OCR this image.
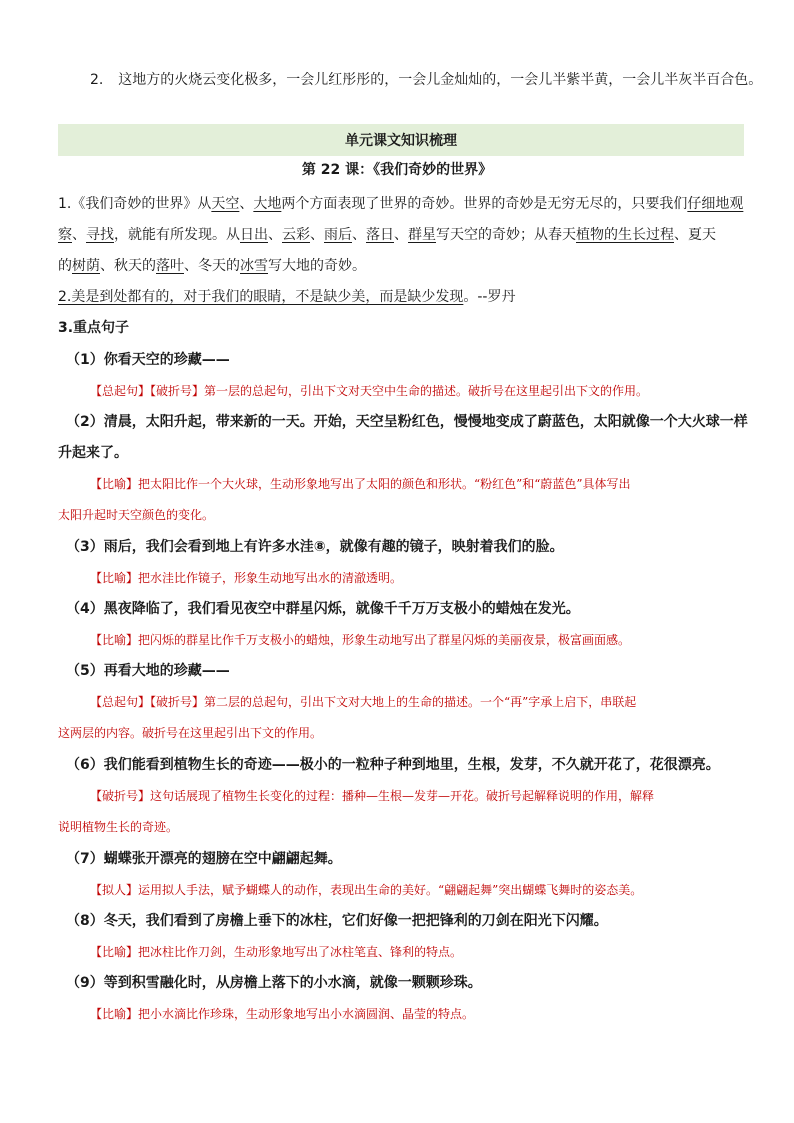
2. 这地方的火烧云变化极多，一会儿红彤彤的，一会儿金灿灿的，一会儿半紫半黄，一会儿半灰半百合色。
单元课文知识梳理
第 22 课：《我们奇妙的世界》
1.《我们奇妙的世界》从天空、大地两个方面表现了世界的奇妙。世界的奇妙是无穷无尽的，只要我们仔细地观
察、寻找，就能有所发现。从日出、云彩、雨后、落日、群星写天空的奇妙；从春天植物的生长过程、夏天
的树荫、秋天的落叶、冬天的冰雪写大地的奇妙。
2.美是到处都有的，对于我们的眼睛，不是缺少美，而是缺少发现。--罗丹
3.重点句子
（1）你看天空的珍藏——
【总起句】【破折号】第一层的总起句，引出下文对天空中生命的描述。破折号在这里起引出下文的作用。
（2）清晨，太阳升起，带来新的一天。开始，天空呈粉红色，慢慢地变成了蔚蓝色，太阳就像一个大火球一样
升起来了。
【比喻】把太阳比作一个大火球，生动形象地写出了太阳的颜色和形状。“粉红色”和“蔚蓝色”具体写出
太阳升起时天空颜色的变化。
（3）雨后，我们会看到地上有许多水洼⑧，就像有趣的镜子，映射着我们的脸。
【比喻】把水洼比作镜子，形象生动地写出水的清澈透明。
（4）黑夜降临了，我们看见夜空中群星闪烁，就像千千万万支极小的蜡烛在发光。
【比喻】把闪烁的群星比作千万支极小的蜡烛，形象生动地写出了群星闪烁的美丽夜景，极富画面感。
（5）再看大地的珍藏——
【总起句】【破折号】第二层的总起句，引出下文对大地上的生命的描述。一个“再”字承上启下，串联起
这两层的内容。破折号在这里起引出下文的作用。
（6）我们能看到植物生长的奇迹——极小的一粒种子种到地里，生根，发芽，不久就开花了，花很漂亮。
【破折号】这句话展现了植物生长变化的过程：播种—生根—发芽—开花。破折号起解释说明的作用，解释
说明植物生长的奇迹。
（7）蝴蝶张开漂亮的翅膀在空中翩翩起舞。
【拟人】运用拟人手法，赋予蝴蝶人的动作，表现出生命的美好。“翩翩起舞”突出蝴蝶飞舞时的姿态美。
（8）冬天，我们看到了房檐上垂下的冰柱，它们好像一把把锋利的刀剑在阳光下闪耀。
【比喻】把冰柱比作刀剑，生动形象地写出了冰柱笔直、锋利的特点。
（9）等到积雪融化时，从房檐上落下的小水滴，就像一颗颗珍珠。
【比喻】把小水滴比作珍珠，生动形象地写出小水滴圆润、晶莹的特点。
